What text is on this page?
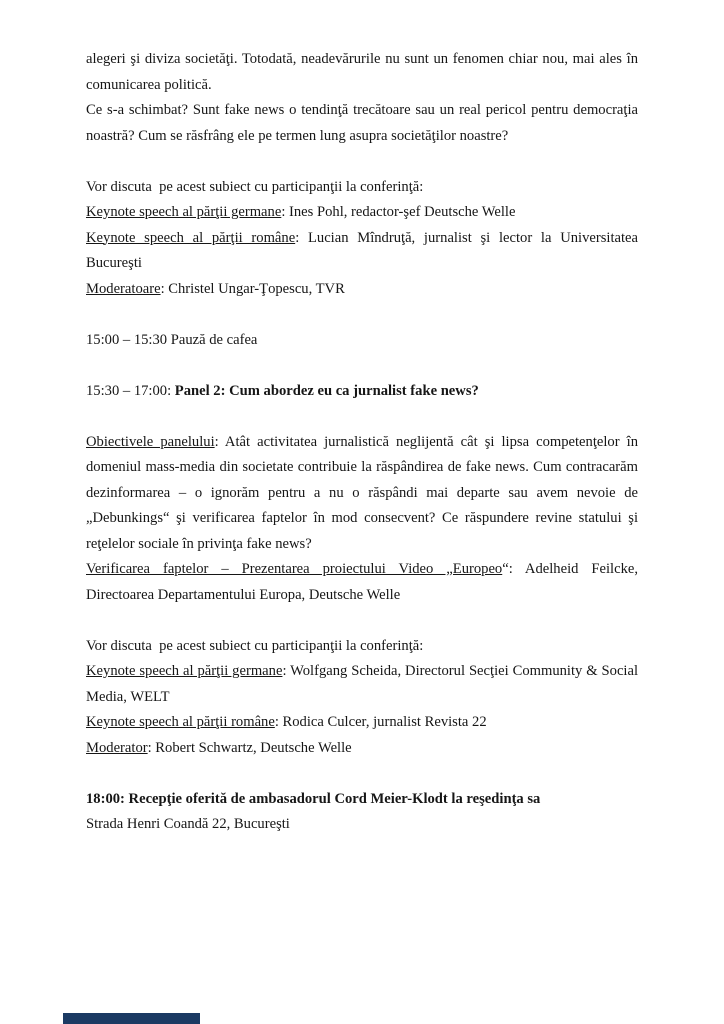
alegeri şi diviza societăţi. Totodată, neadevărurile nu sunt un fenomen chiar nou, mai ales în
comunicarea politică.
Ce s-a schimbat? Sunt fake news o tendinţă trecătoare sau un real pericol pentru democraţia
noastră? Cum se răsfrâng ele pe termen lung asupra societăţilor noastre?
Vor discuta  pe acest subiect cu participanţii la conferinţă:
Keynote speech al părţii germane: Ines Pohl, redactor-şef Deutsche Welle
Keynote speech al părţii române: Lucian Mîndruţă, jurnalist şi lector la Universitatea
Bucureşti
Moderatoare: Christel Ungar-Ţopescu, TVR
15:00 – 15:30 Pauză de cafea
15:30 – 17:00: Panel 2: Cum abordez eu ca jurnalist fake news?
Obiectivele panelului: Atât activitatea jurnalistică neglijentă cât şi lipsa competenţelor în
domeniul mass-media din societate contribuie la răspândirea de fake news. Cum contracarăm
dezinformarea – o ignorăm pentru a nu o răspândi mai departe sau avem nevoie de
„Debunkings“ şi verificarea faptelor în mod consecvent? Ce răspundere revine statului şi
reţelelor sociale în privinţa fake news?
Verificarea faptelor – Prezentarea proiectului Video „Europeo“: Adelheid Feilcke,
Directoarea Departamentului Europa, Deutsche Welle
Vor discuta  pe acest subiect cu participanţii la conferinţă:
Keynote speech al părţii germane: Wolfgang Scheida, Directorul Secţiei Community & Social
Media, WELT
Keynote speech al părţii române: Rodica Culcer, jurnalist Revista 22
Moderator: Robert Schwartz, Deutsche Welle
18:00: Recepţie oferită de ambasadorul Cord Meier-Klodt la reşedinţa sa
Strada Henri Coandă 22, Bucureşti
